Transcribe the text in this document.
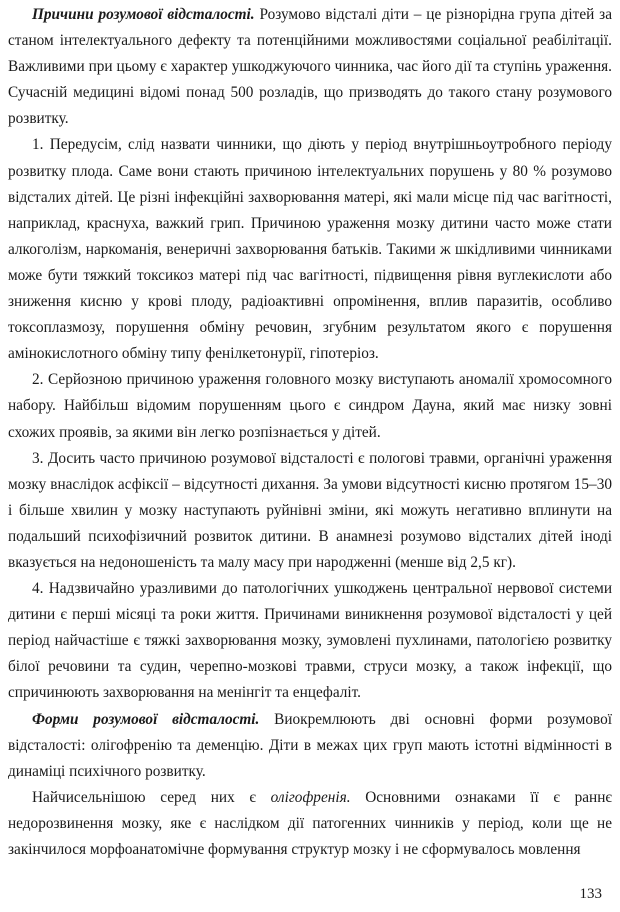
Причини розумової відсталості. Розумово відсталі діти – це різнорідна група дітей за станом інтелектуального дефекту та потенційними можливостями соціальної реабілітації. Важливими при цьому є характер ушкоджуючого чинника, час його дії та ступінь ураження. Сучасній медицині відомі понад 500 розладів, що призводять до такого стану розумового розвитку.

1. Передусім, слід назвати чинники, що діють у період внутрішньоутробного періоду розвитку плода. Саме вони стають причиною інтелектуальних порушень у 80 % розумово відсталих дітей. Це різні інфекційні захворювання матері, які мали місце під час вагітності, наприклад, краснуха, важкий грип. Причиною ураження мозку дитини часто може стати алкоголізм, наркоманія, венеричні захворювання батьків. Такими ж шкідливими чинниками може бути тяжкий токсикоз матері під час вагітності, підвищення рівня вуглекислоти або зниження кисню у крові плоду, радіоактивні опромінення, вплив паразитів, особливо токсоплазмозу, порушення обміну речовин, згубним результатом якого є порушення амінокислотного обміну типу фенілкетонурії, гіпотеріоз.

2. Серйозною причиною ураження головного мозку виступають аномалії хромосомного набору. Найбільш відомим порушенням цього є синдром Дауна, який має низку зовні схожих проявів, за якими він легко розпізнається у дітей.

3. Досить часто причиною розумової відсталості є пологові травми, органічні ураження мозку внаслідок асфіксії – відсутності дихання. За умови відсутності кисню протягом 15–30 і більше хвилин у мозку наступають руйнівні зміни, які можуть негативно вплинути на подальший психофізичний розвиток дитини. В анамнезі розумово відсталих дітей іноді вказується на недоношеність та малу масу при народженні (менше від 2,5 кг).

4. Надзвичайно уразливими до патологічних ушкоджень центральної нервової системи дитини є перші місяці та роки життя. Причинами виникнення розумової відсталості у цей період найчастіше є тяжкі захворювання мозку, зумовлені пухлинами, патологією розвитку білої речовини та судин, черепно-мозкові травми, струси мозку, а також інфекції, що спричинюють захворювання на менінгіт та енцефаліт.

Форми розумової відсталості. Виокремлюють дві основні форми розумової відсталості: олігофренію та деменцію. Діти в межах цих груп мають істотні відмінності в динаміці психічного розвитку.

Найчисельнішою серед них є олігофренія. Основними ознаками її є раннє недорозвинення мозку, яке є наслідком дії патогенних чинників у період, коли ще не закінчилося морфоанатомічне формування структур мозку і не сформувалось мовлення

133
